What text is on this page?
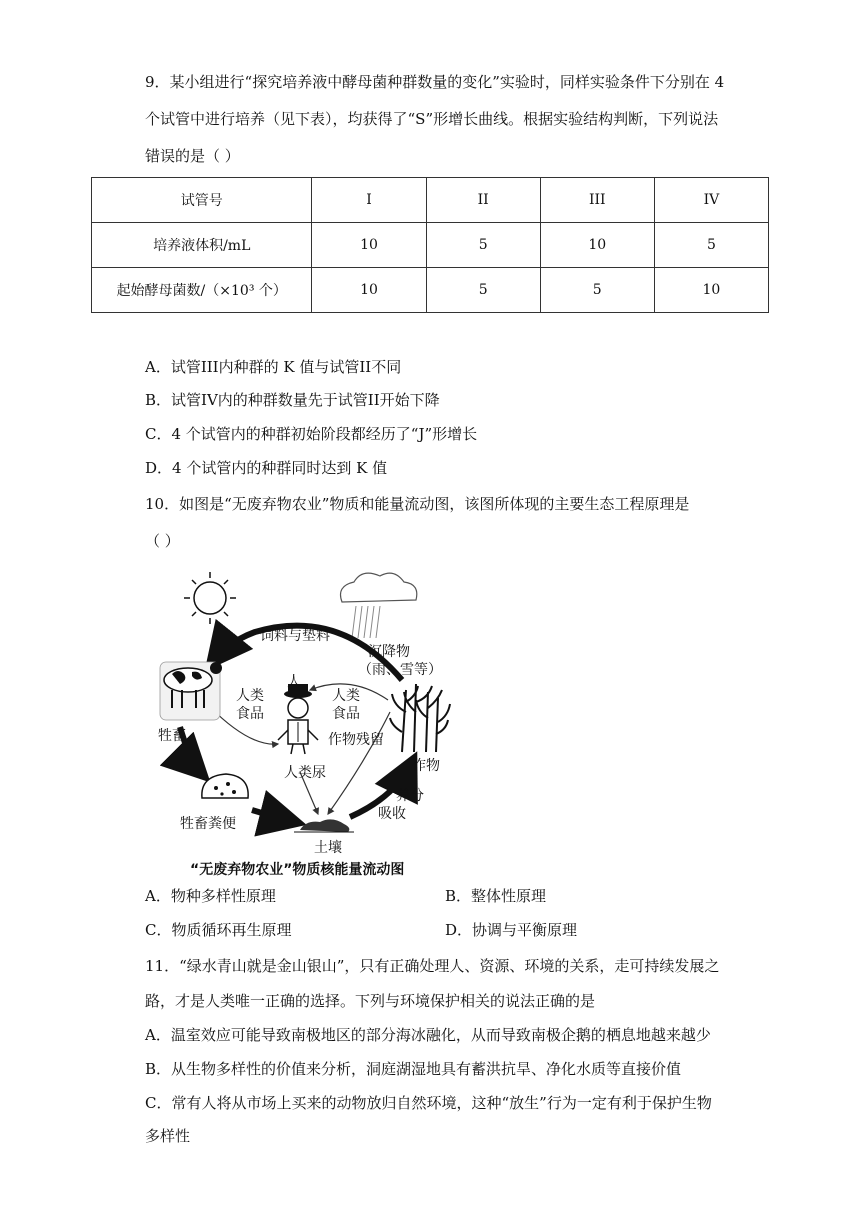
9．某小组进行“探究培养液中酵母菌种群数量的变化”实验时，同样实验条件下分别在 4
个试管中进行培养（见下表），均获得了“S”形增长曲线。根据实验结构判断，下列说法
错误的是（ ）
试管号	I	II	III	IV
培养液体积/mL	10	5	10	5
起始酵母菌数/（×10³ 个）	10	5	5	10
A．试管III内种群的 K 值与试管II不同
B．试管IV内的种群数量先于试管II开始下降
C．4 个试管内的种群初始阶段都经历了“J”形增长
D．4 个试管内的种群同时达到 K 值
10．如图是“无废弃物农业”物质和能量流动图，该图所体现的主要生态工程原理是
（ ）
饲料与垫料
沉降物
（雨、雪等）
人
人类
食品
人类
食品
作物残留
牲畜
人类尿	作物
养分
吸收
牲畜粪便
土壤
“无废弃物农业”物质核能量流动图
A．物种多样性原理	B．整体性原理
C．物质循环再生原理	D．协调与平衡原理
11．“绿水青山就是金山银山”，只有正确处理人、资源、环境的关系，走可持续发展之
路，才是人类唯一正确的选择。下列与环境保护相关的说法正确的是
A．温室效应可能导致南极地区的部分海冰融化，从而导致南极企鹅的栖息地越来越少
B．从生物多样性的价值来分析，洞庭湖湿地具有蓄洪抗旱、净化水质等直接价值
C．常有人将从市场上买来的动物放归自然环境，这种“放生”行为一定有利于保护生物
多样性
